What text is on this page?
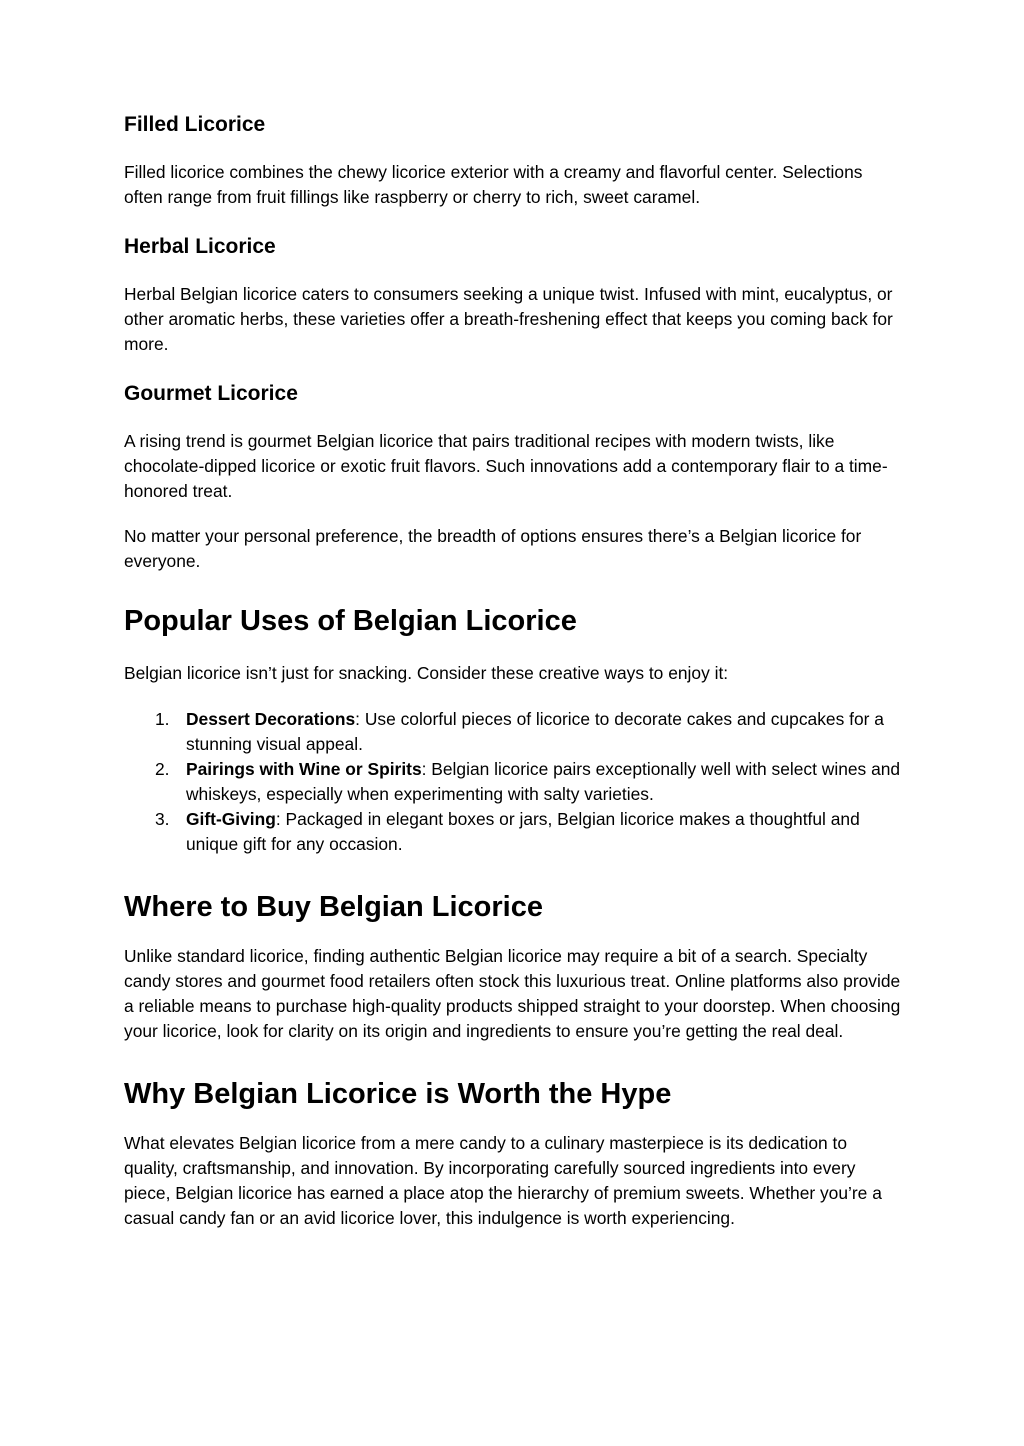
Filled Licorice

Filled licorice combines the chewy licorice exterior with a creamy and flavorful center. Selections often range from fruit fillings like raspberry or cherry to rich, sweet caramel.

Herbal Licorice

Herbal Belgian licorice caters to consumers seeking a unique twist. Infused with mint, eucalyptus, or other aromatic herbs, these varieties offer a breath-freshening effect that keeps you coming back for more.

Gourmet Licorice

A rising trend is gourmet Belgian licorice that pairs traditional recipes with modern twists, like chocolate-dipped licorice or exotic fruit flavors. Such innovations add a contemporary flair to a time-honored treat.

No matter your personal preference, the breadth of options ensures there’s a Belgian licorice for everyone.

Popular Uses of Belgian Licorice

Belgian licorice isn’t just for snacking. Consider these creative ways to enjoy it:

1. Dessert Decorations: Use colorful pieces of licorice to decorate cakes and cupcakes for a stunning visual appeal.
2. Pairings with Wine or Spirits: Belgian licorice pairs exceptionally well with select wines and whiskeys, especially when experimenting with salty varieties.
3. Gift-Giving: Packaged in elegant boxes or jars, Belgian licorice makes a thoughtful and unique gift for any occasion.
Where to Buy Belgian Licorice

Unlike standard licorice, finding authentic Belgian licorice may require a bit of a search. Specialty candy stores and gourmet food retailers often stock this luxurious treat. Online platforms also provide a reliable means to purchase high-quality products shipped straight to your doorstep. When choosing your licorice, look for clarity on its origin and ingredients to ensure you’re getting the real deal.

Why Belgian Licorice is Worth the Hype

What elevates Belgian licorice from a mere candy to a culinary masterpiece is its dedication to quality, craftsmanship, and innovation. By incorporating carefully sourced ingredients into every piece, Belgian licorice has earned a place atop the hierarchy of premium sweets. Whether you’re a casual candy fan or an avid licorice lover, this indulgence is worth experiencing.
